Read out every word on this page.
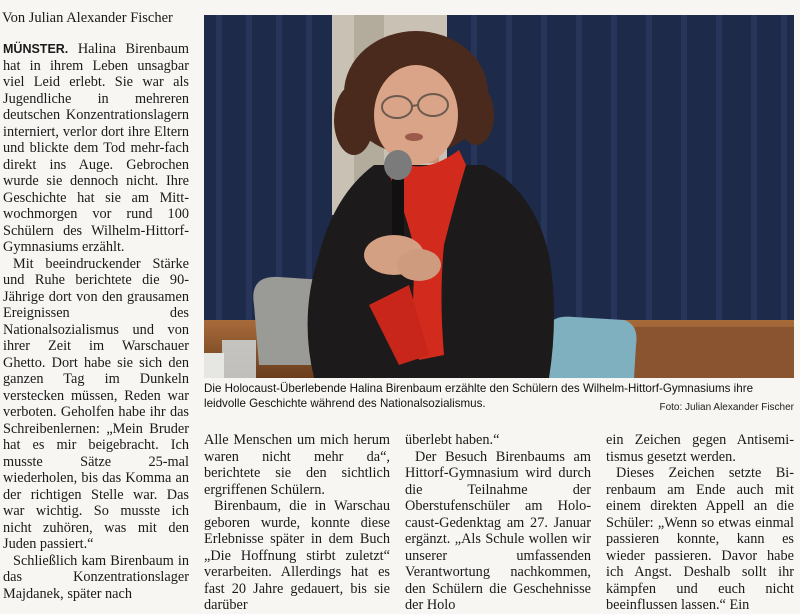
Von Julian Alexander Fischer

MÜNSTER. Halina Birenbaum hat in ihrem Leben unsagbar viel Leid erlebt. Sie war als Jugendliche in mehreren deutschen Konzentrationslagern interniert, verlor dort ihre Eltern und blickte dem Tod mehr-fach direkt ins Auge. Gebrochen wurde sie dennoch nicht. Ihre Geschichte hat sie am Mittwochmorgen vor rund 100 Schülern des Wilhelm-Hittorf-Gymnasiums erzählt.

Mit beeindruckender Stärke und Ruhe berichtete die 90-Jährige dort von den grausamen Ereignissen des Nationalsozialismus und von ihrer Zeit im Warschauer Ghetto. Dort habe sie sich den ganzen Tag im Dunkeln verstecken müssen, Reden war verboten. Geholfen habe ihr das Schreibenlernen: „Mein Bruder hat es mir beigebracht. Ich musste Sätze 25-mal wiederholen, bis das Komma an der richtigen Stelle war. Das war wichtig. So musste ich nicht zuhören, was mit den Juden passiert.“

Schließlich kam Birenbaum in das Konzentrationslager Majdanek, später nach

Die Holocaust-Überlebende Halina Birenbaum erzählte den Schülern des Wilhelm-Hittorf-Gymnasiums ihre leidvolle Geschichte während des Nationalsozialismus.	Foto: Julian Alexander Fischer

Alle Menschen um mich herum waren nicht mehr da“, berichtete sie den sichtlich ergriffenen Schülern.

Birenbaum, die in Warschau geboren wurde, konnte diese Erlebnisse später in dem Buch „Die Hoffnung stirbt zuletzt“ verarbeiten. Allerdings hat es fast 20 Jahre gedauert, bis sie darüber

überlebt haben.“

Der Besuch Birenbaums am Hittorf-Gymnasium wird durch die Teilnahme der Oberstufenschüler am Holocaust-Gedenktag am 27. Januar ergänzt. „Als Schule wollen wir unserer umfassenden Verantwortung nachkommen, den Schülern die Geschehnisse der Holo

ein Zeichen gegen Antisemitismus gesetzt werden.

Dieses Zeichen setzte Birenbaum am Ende auch mit einem direkten Appell an die Schüler: „Wenn so etwas einmal passieren konnte, kann es wieder passieren. Davor habe ich Angst. Deshalb sollt ihr kämpfen und euch nicht beeinflussen lassen.“ Ein
